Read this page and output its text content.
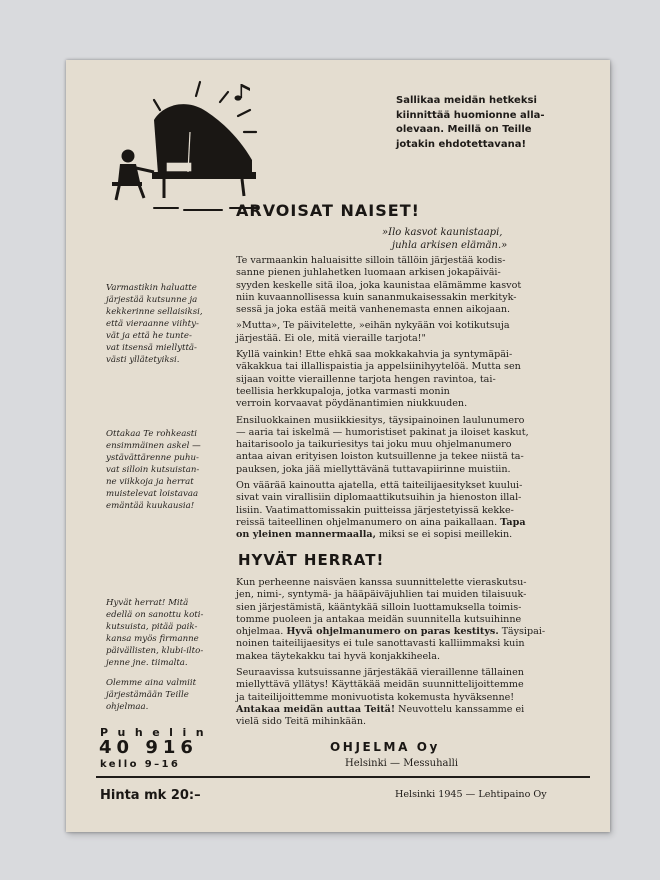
Sallikaa meidän hetkeksi
kiinnittää huomionne alla-
olevaan. Meillä on Teille
jotakin ehdotettavana!
ARVOISAT NAISET!
»Ilo kasvot kaunistaapi,
juhla arkisen elämän.»
Te varmaankin haluaisitte silloin tällöin järjestää kodis-
sanne pienen juhlahetken luomaan arkisen jokapäiväi-
syyden keskelle sitä iloa, joka kaunistaa elämämme kasvot
niin kuvaannollisessa kuin sananmukaisessakin merkityk-
sessä ja joka estää meitä vanhenemasta ennen aikojaan.
»Mutta», Te päivitelette, »eihän nykyään voi kotikutsuja
järjestää. Ei ole, mitä vieraille tarjota!"
Kyllä vainkin! Ette ehkä saa mokkakahvia ja syntymäpäi-
väkakkua tai illallispaistia ja appelsiinihyytelöä. Mutta sen
sijaan voitte vieraillenne tarjota hengen ravintoa, tai-
teellisia herkkupaloja, jotka varmasti monin
verroin korvaavat pöydänantimien niukkuuden.
Ensiluokkainen musiikkiesitys, täysipainoinen laulunumero
— aaria tai iskelmä — humoristiset pakinat ja iloiset kaskut,
haitarisoolo ja taikuriesitys tai joku muu ohjelmanumero
antaa aivan erityisen loiston kutsuillenne ja tekee niistä ta-
pauksen, joka jää miellyttävänä tuttavapiirinne muistiin.
On väärää kainoutta ajatella, että taiteilijaesitykset kuului-
sivat vain virallisiin diplomaattikutsuihin ja hienoston illal-
lisiin. Vaatimattomissakin puitteissa järjestetyissä kekke-
reissä taiteellinen ohjelmanumero on aina paikallaan. Tapa
on yleinen mannermaalla, miksi se ei sopisi meillekin.
HYVÄT HERRAT!
Kun perheenne naisväen kanssa suunnittelette vieraskutsu-
jen, nimi-, syntymä- ja hääpäiväjuhlien tai muiden tilaisuuk-
sien järjestämistä, kääntykää silloin luottamuksella toimis-
tomme puoleen ja antakaa meidän suunnitella kutsuihinne
ohjelmaa. Hyvä ohjelmanumero on paras kestitys. Täysipai-
noinen taiteilijaesitys ei tule sanottavasti kalliimmaksi kuin
makea täytekakku tai hyvä konjakkiheela.
Seuraavissa kutsuissanne järjestäkää vieraillenne tällainen
miellyttävä yllätys! Käyttäkää meidän suunnittelijoittemme
ja taiteilijoittemme monivuotista kokemusta hyväksenne!
Antakaa meidän auttaa Teitä! Neuvottelu kanssamme ei
vielä sido Teitä mihinkään.
Varmastikin haluatte
järjestää kutsunne ja
kekkerinne sellaisiksi,
että vieraanne viihty-
vät ja että he tunte-
vat itsensä miellyttä-
västi yllätetyiksi.
Ottakaa Te rohkeasti
ensimmäinen askel —
ystävättärenne puhu-
vat silloin kutsuistan-
ne viikkoja ja herrat
muistelevat loistavaa
emäntää kuukausia!
Hyvät herrat! Mitä
edellä on sanottu koti-
kutsuista, pitää paik-
kansa myös firmanne
päivällisten, klubi-ilto-
jenne jne. tiimalta.
Olemme aina valmiit
järjestämään Teille
ohjelmaa.
Puhelin
40 916
kello 9–16
OHJELMA Oy
Helsinki — Messuhalli
Hinta mk 20:–	Helsinki 1945 — Lehtipaino Oy
